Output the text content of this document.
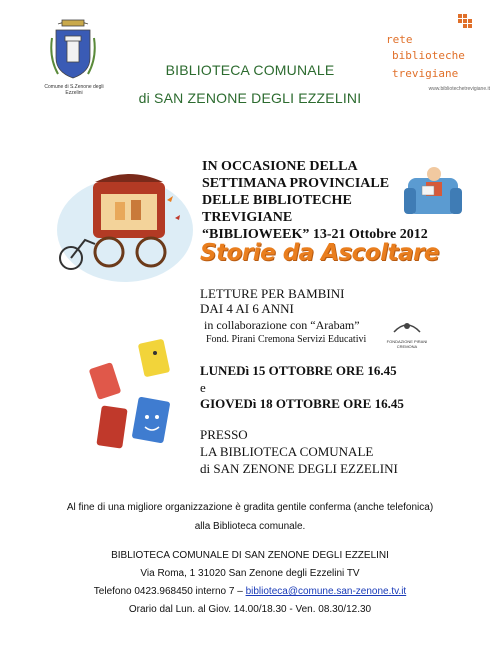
Comune di S.Zenone degli Ezzelini
BIBLIOTECA COMUNALE
di SAN ZENONE DEGLI EZZELINI
rete
biblioteche
trevigiane
www.bibliotechetrevigiane.it
IN OCCASIONE DELLA
SETTIMANA PROVINCIALE
DELLE BIBLIOTECHE
TREVIGIANE
“BIBLIOWEEK” 13-21 Ottobre 2012
Storie da Ascoltare
LETTURE PER BAMBINI
DAI 4 AI 6 ANNI
in collaborazione con “Arabam”
Fond. Pirani Cremona Servizi Educativi	FONDAZIONE PIRANI CREMONA
LUNEDì 15 OTTOBRE ORE 16.45
e
GIOVEDì 18 OTTOBRE ORE 16.45
PRESSO
LA BIBLIOTECA COMUNALE
di SAN ZENONE DEGLI EZZELINI
Al fine di una migliore organizzazione è gradita gentile conferma (anche telefonica)
alla Biblioteca comunale.
BIBLIOTECA COMUNALE DI SAN ZENONE DEGLI EZZELINI
Via Roma, 1 31020 San Zenone degli Ezzelini TV
Telefono 0423.968450 interno 7 – biblioteca@comune.san-zenone.tv.it
Orario dal Lun. al Giov. 14.00/18.30 - Ven. 08.30/12.30
